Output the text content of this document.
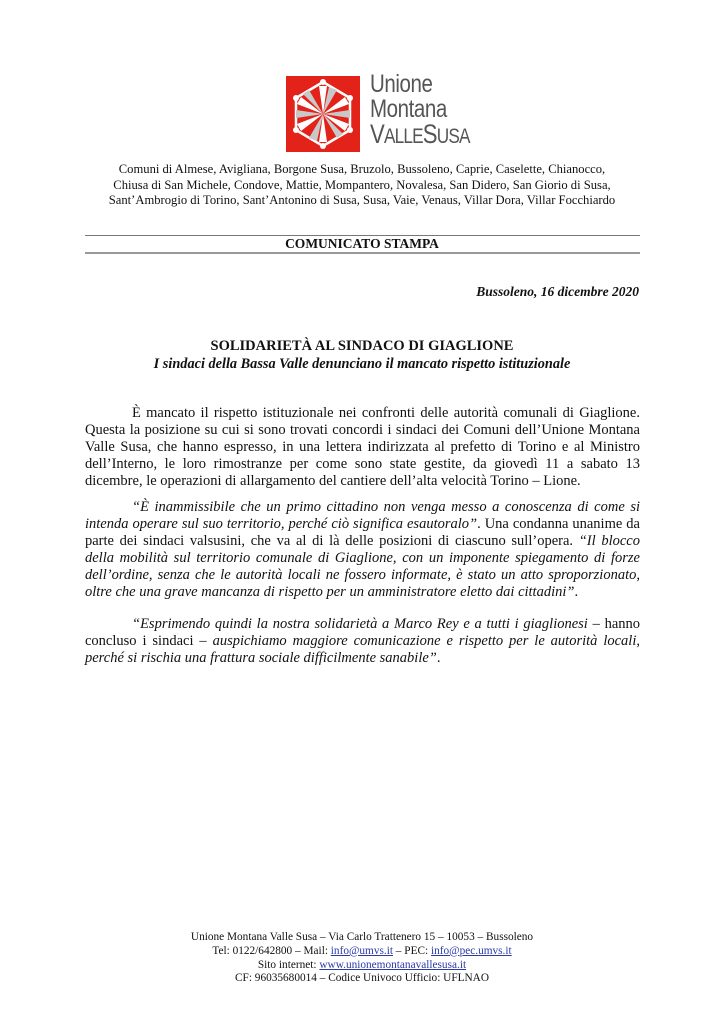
Unione
Montana
VALLESUSA
Comuni di Almese, Avigliana, Borgone Susa, Bruzolo, Bussoleno, Caprie, Caselette, Chianocco,
Chiusa di San Michele, Condove, Mattie, Mompantero, Novalesa, San Didero, San Giorio di Susa,
Sant’Ambrogio di Torino, Sant’Antonino di Susa, Susa, Vaie, Venaus, Villar Dora, Villar Focchiardo
COMUNICATO STAMPA
Bussoleno, 16 dicembre 2020
SOLIDARIETÀ AL SINDACO DI GIAGLIONE
I sindaci della Bassa Valle denunciano il mancato rispetto istituzionale
È mancato il rispetto istituzionale nei confronti delle autorità comunali di Giaglione. Questa la posizione su cui si sono trovati concordi i sindaci dei Comuni dell’Unione Montana Valle Susa, che hanno espresso, in una lettera indirizzata al prefetto di Torino e al Ministro dell’Interno, le loro rimostranze per come sono state gestite, da giovedì 11 a sabato 13 dicembre, le operazioni di allargamento del cantiere dell’alta velocità Torino – Lione.
“È inammissibile che un primo cittadino non venga messo a conoscenza di come si intenda operare sul suo territorio, perché ciò significa esautoralo”. Una condanna unanime da parte dei sindaci valsusini, che va al di là delle posizioni di ciascuno sull’opera. “Il blocco della mobilità sul territorio comunale di Giaglione, con un imponente spiegamento di forze dell’ordine, senza che le autorità locali ne fossero informate, è stato un atto sproporzionato, oltre che una grave mancanza di rispetto per un amministratore eletto dai cittadini”.
“Esprimendo quindi la nostra solidarietà a Marco Rey e a tutti i giaglionesi – hanno concluso i sindaci – auspichiamo maggiore comunicazione e rispetto per le autorità locali, perché si rischia una frattura sociale difficilmente sanabile”.
Unione Montana Valle Susa – Via Carlo Trattenero 15 – 10053 – Bussoleno
Tel: 0122/642800 – Mail: info@umvs.it – PEC: info@pec.umvs.it
Sito internet: www.unionemontanavallesusa.it
CF: 96035680014 – Codice Univoco Ufficio: UFLNAO
